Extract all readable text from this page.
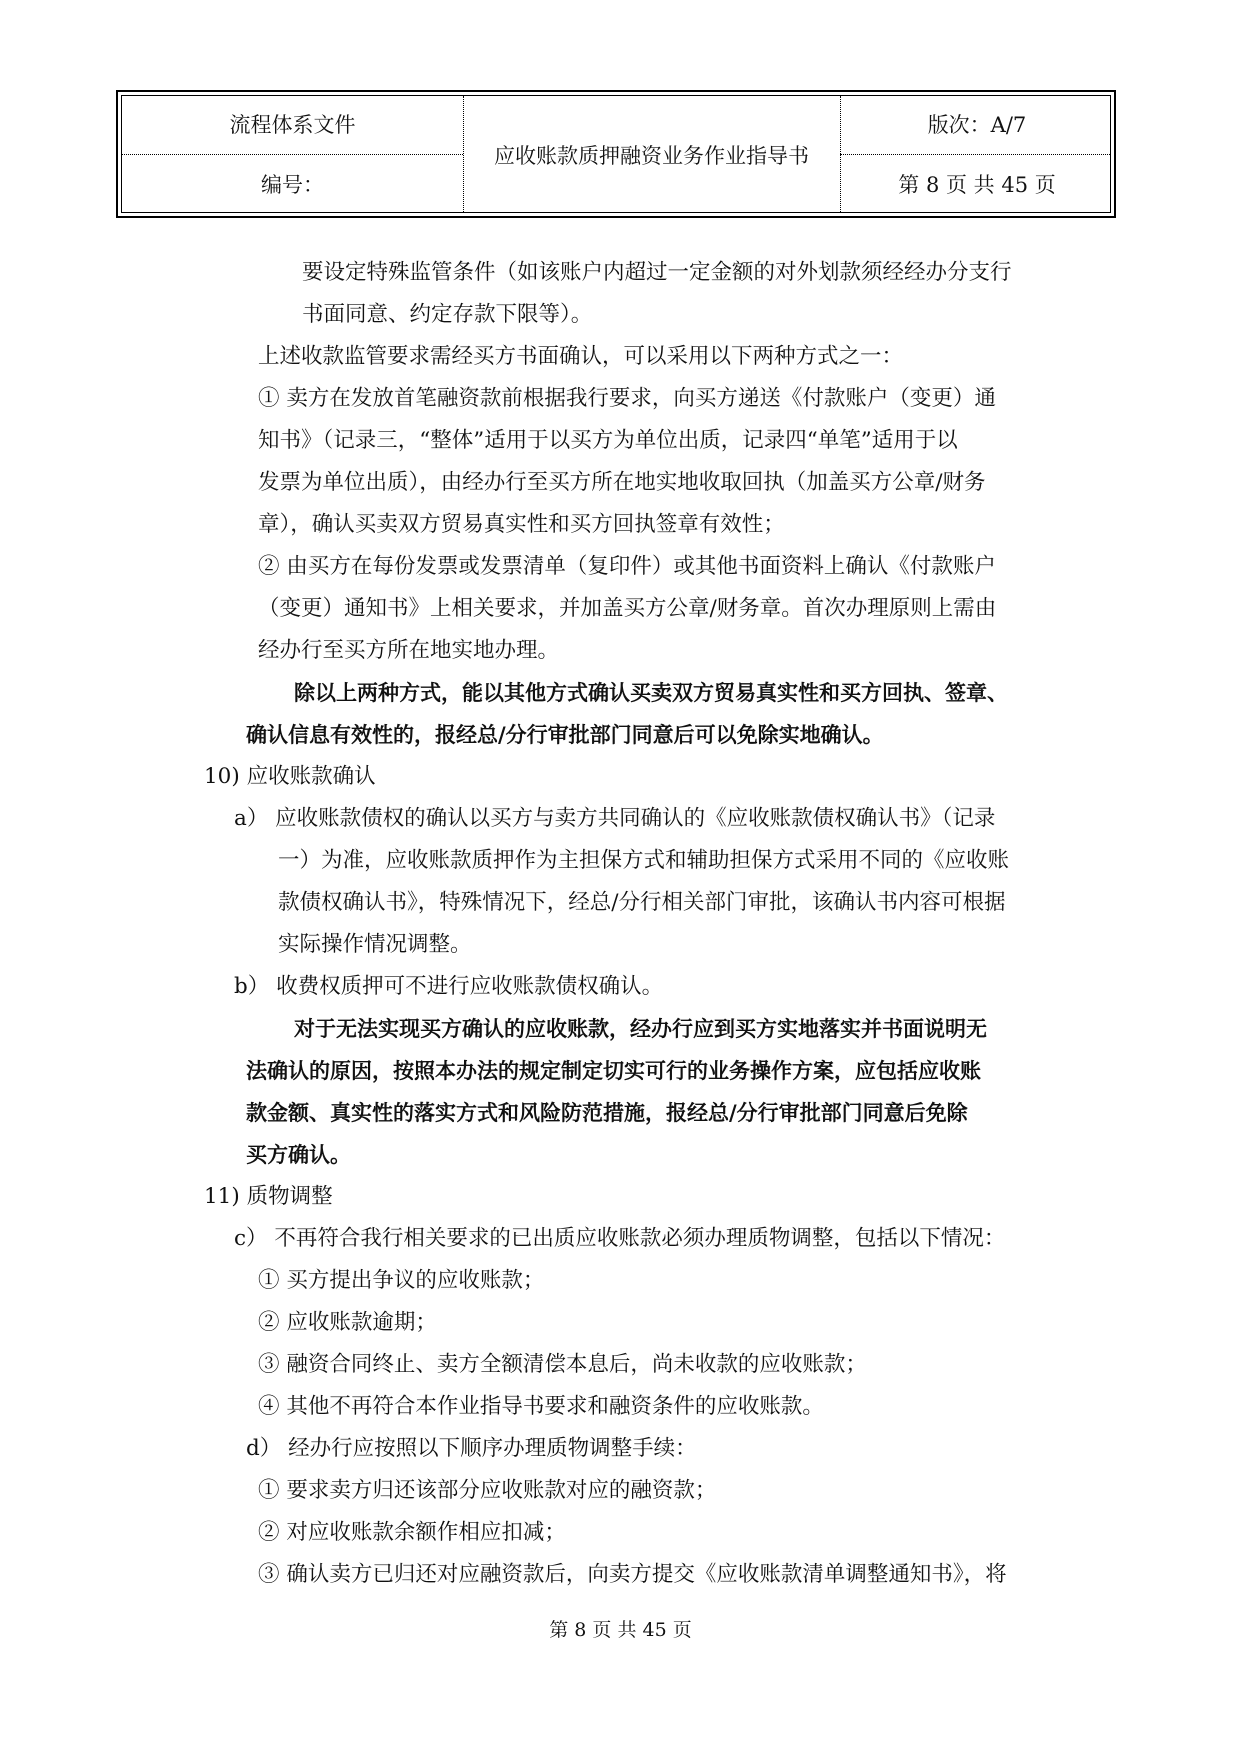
流程体系文件
编号：
应收账款质押融资业务作业指导书
版次：A/7
第 8 页 共 45 页
要设定特殊监管条件（如该账户内超过一定金额的对外划款须经经办分支行
书面同意、约定存款下限等）。
上述收款监管要求需经买方书面确认，可以采用以下两种方式之一：
① 卖方在发放首笔融资款前根据我行要求，向买方递送《付款账户（变更）通
知书》（记录三，“整体”适用于以买方为单位出质，记录四“单笔”适用于以
发票为单位出质），由经办行至买方所在地实地收取回执（加盖买方公章/财务
章），确认买卖双方贸易真实性和买方回执签章有效性；
② 由买方在每份发票或发票清单（复印件）或其他书面资料上确认《付款账户
（变更）通知书》上相关要求，并加盖买方公章/财务章。首次办理原则上需由
经办行至买方所在地实地办理。
除以上两种方式，能以其他方式确认买卖双方贸易真实性和买方回执、签章、
确认信息有效性的，报经总/分行审批部门同意后可以免除实地确认。
10) 应收账款确认
a） 应收账款债权的确认以买方与卖方共同确认的《应收账款债权确认书》（记录
一）为准，应收账款质押作为主担保方式和辅助担保方式采用不同的《应收账
款债权确认书》，特殊情况下，经总/分行相关部门审批，该确认书内容可根据
实际操作情况调整。
b） 收费权质押可不进行应收账款债权确认。
对于无法实现买方确认的应收账款，经办行应到买方实地落实并书面说明无
法确认的原因，按照本办法的规定制定切实可行的业务操作方案，应包括应收账
款金额、真实性的落实方式和风险防范措施，报经总/分行审批部门同意后免除
买方确认。
11) 质物调整
c） 不再符合我行相关要求的已出质应收账款必须办理质物调整，包括以下情况：
① 买方提出争议的应收账款；
② 应收账款逾期；
③ 融资合同终止、卖方全额清偿本息后，尚未收款的应收账款；
④ 其他不再符合本作业指导书要求和融资条件的应收账款。
d） 经办行应按照以下顺序办理质物调整手续：
① 要求卖方归还该部分应收账款对应的融资款；
② 对应收账款余额作相应扣减；
③ 确认卖方已归还对应融资款后，向卖方提交《应收账款清单调整通知书》，将
第 8 页 共 45 页
